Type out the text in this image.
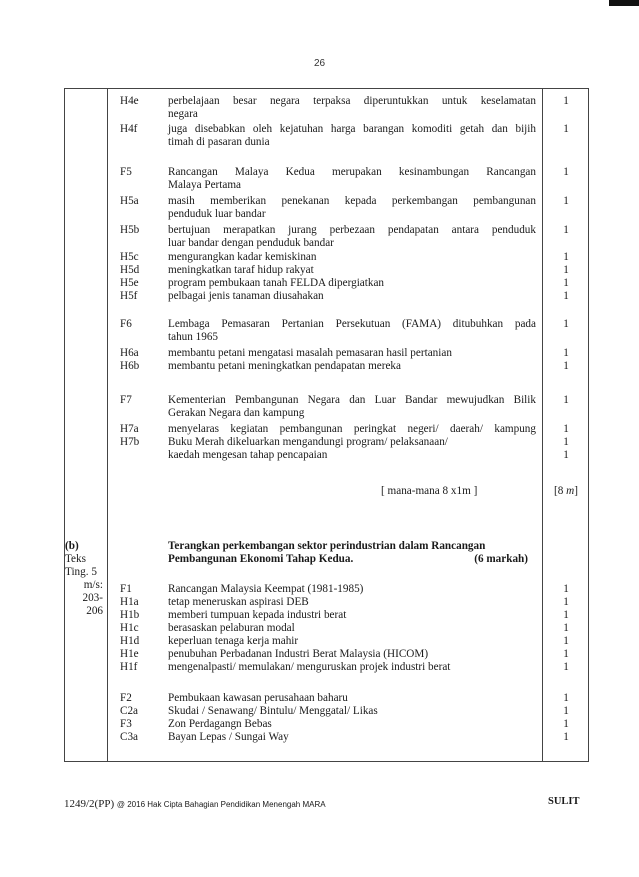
26
H4e	perbelajaan besar negara terpaksa diperuntukkan untuk keselamatan	1
negara
H4f	juga disebabkan oleh kejatuhan harga barangan komoditi getah dan bijih	1
timah di pasaran dunia
F5	Rancangan Malaya Kedua merupakan kesinambungan Rancangan	1
Malaya Pertama
H5a	masih memberikan penekanan kepada perkembangan pembangunan	1
penduduk luar bandar
H5b	bertujuan merapatkan jurang perbezaan pendapatan antara penduduk	1
luar bandar dengan penduduk bandar
H5c	mengurangkan kadar kemiskinan	1
H5d	meningkatkan taraf hidup rakyat	1
H5e	program pembukaan tanah FELDA dipergiatkan	1
H5f	pelbagai jenis tanaman diusahakan	1
F6	Lembaga Pemasaran Pertanian Persekutuan (FAMA) ditubuhkan pada	1
tahun 1965
H6a	membantu petani mengatasi masalah pemasaran hasil pertanian	1
H6b	membantu petani meningkatkan pendapatan mereka	1
F7	Kementerian Pembangunan Negara dan Luar Bandar mewujudkan Bilik	1
Gerakan Negara dan kampung
H7a	menyelaras kegiatan pembangunan peringkat negeri/ daerah/ kampung	1
H7b	Buku Merah dikeluarkan mengandungi program/ pelaksanaan/	1
kaedah mengesan tahap pencapaian	1
[ mana-mana 8 x1m ]	[8 m]
(b)
Teks
Ting. 5
m/s:
203-
206
Terangkan perkembangan sektor perindustrian dalam Rancangan
Pembangunan Ekonomi Tahap Kedua.	(6 markah)
F1	Rancangan Malaysia Keempat (1981-1985)	1
H1a	tetap meneruskan aspirasi DEB	1
H1b	memberi tumpuan kepada industri berat	1
H1c	berasaskan pelaburan modal	1
H1d	keperluan tenaga kerja mahir	1
H1e	penubuhan Perbadanan Industri Berat Malaysia (HICOM)	1
H1f	mengenalpasti/ memulakan/ menguruskan projek industri berat	1
F2	Pembukaan kawasan perusahaan baharu	1
C2a	Skudai / Senawang/ Bintulu/ Menggatal/ Likas	1
F3	Zon Perdagangn Bebas	1
C3a	Bayan Lepas / Sungai Way	1
1249/2(PP) @ 2016 Hak Cipta Bahagian Pendidikan Menengah MARA	SULIT
